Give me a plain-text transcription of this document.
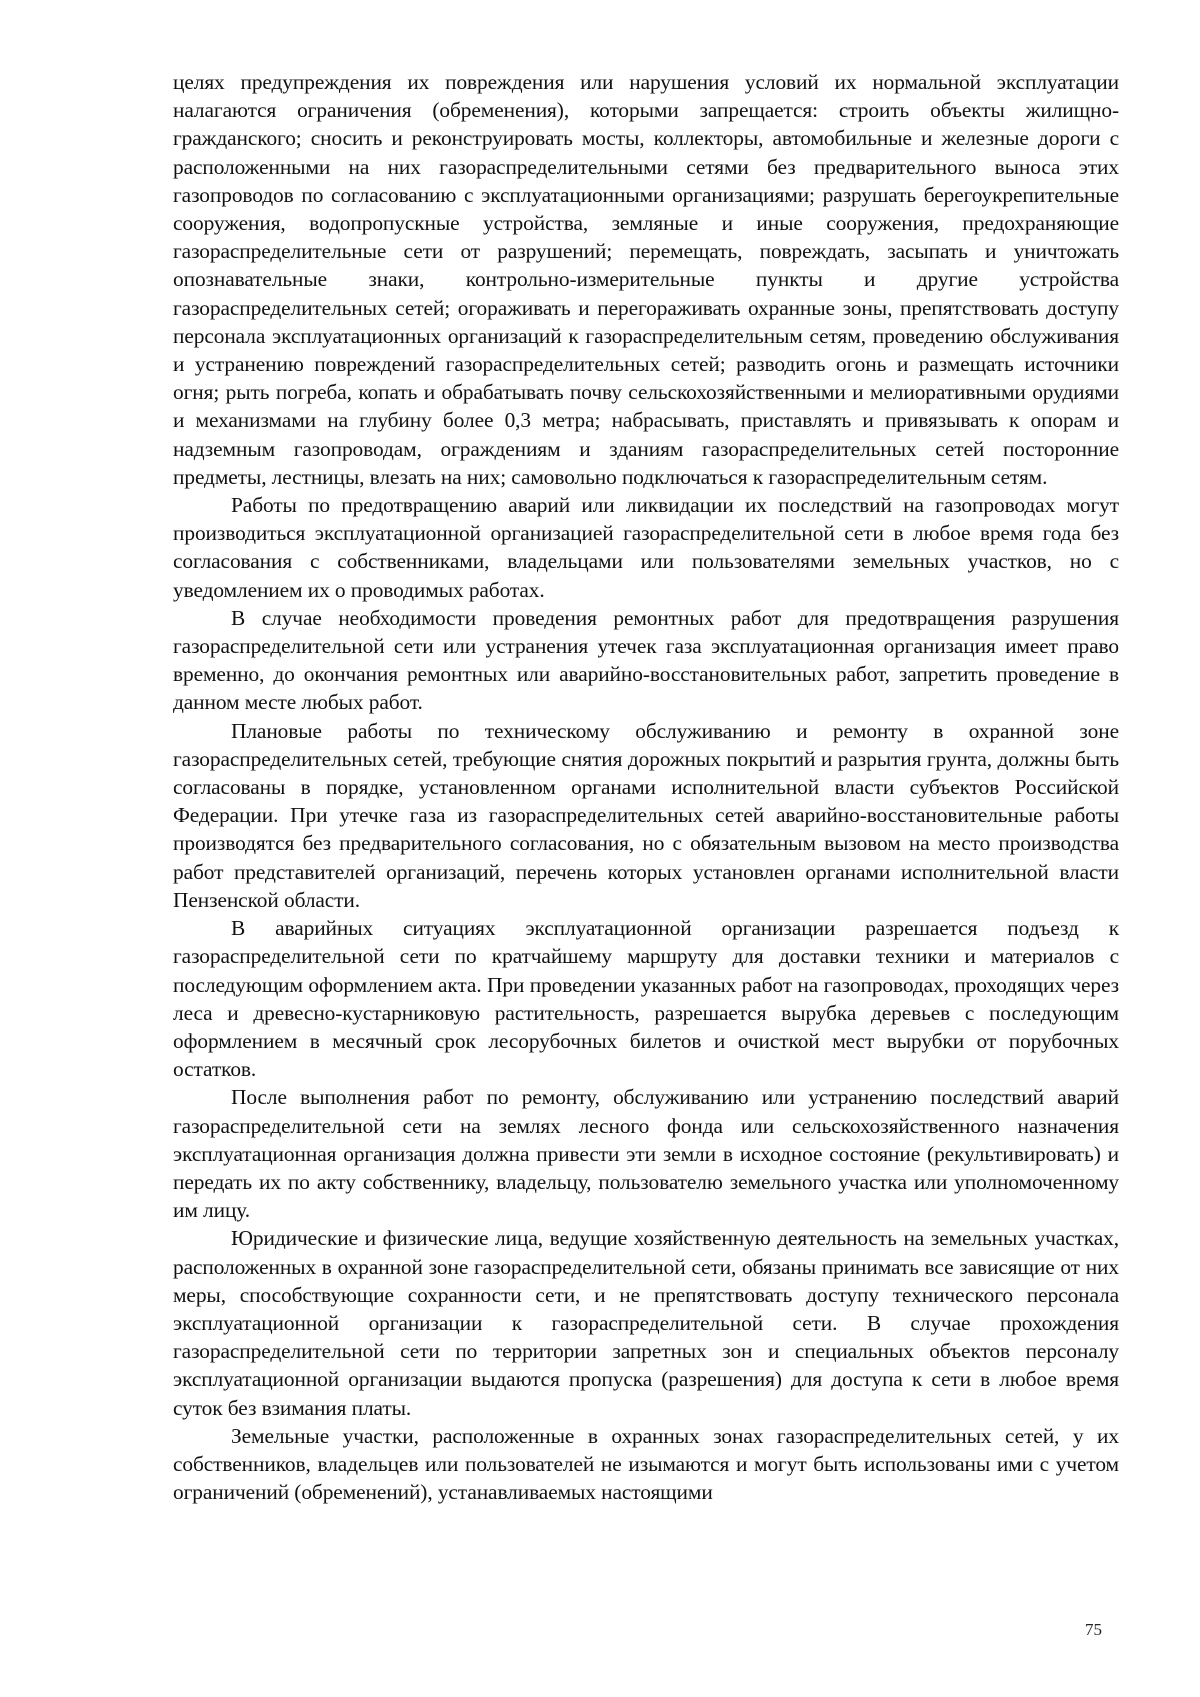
целях предупреждения их повреждения или нарушения условий их нормальной эксплуатации налагаются ограничения (обременения), которыми запрещается: строить объекты жилищно-гражданского; сносить и реконструировать мосты, коллекторы, автомобильные и железные дороги с расположенными на них газораспределительными сетями без предварительного выноса этих газопроводов по согласованию с эксплуатационными организациями; разрушать берегоукрепительные сооружения, водопропускные устройства, земляные и иные сооружения, предохраняющие газораспределительные сети от разрушений; перемещать, повреждать, засыпать и уничтожать опознавательные знаки, контрольно-измерительные пункты и другие устройства газораспределительных сетей; огораживать и перегораживать охранные зоны, препятствовать доступу персонала эксплуатационных организаций к газораспределительным сетям, проведению обслуживания и устранению повреждений газораспределительных сетей; разводить огонь и размещать источники огня; рыть погреба, копать и обрабатывать почву сельскохозяйственными и мелиоративными орудиями и механизмами на глубину более 0,3 метра; набрасывать, приставлять и привязывать к опорам и надземным газопроводам, ограждениям и зданиям газораспределительных сетей посторонние предметы, лестницы, влезать на них; самовольно подключаться к газораспределительным сетям.

Работы по предотвращению аварий или ликвидации их последствий на газопроводах могут производиться эксплуатационной организацией газораспределительной сети в любое время года без согласования с собственниками, владельцами или пользователями земельных участков, но с уведомлением их о проводимых работах.

В случае необходимости проведения ремонтных работ для предотвращения разрушения газораспределительной сети или устранения утечек газа эксплуатационная организация имеет право временно, до окончания ремонтных или аварийно-восстановительных работ, запретить проведение в данном месте любых работ.

Плановые работы по техническому обслуживанию и ремонту в охранной зоне газораспределительных сетей, требующие снятия дорожных покрытий и разрытия грунта, должны быть согласованы в порядке, установленном органами исполнительной власти субъектов Российской Федерации. При утечке газа из газораспределительных сетей аварийно-восстановительные работы производятся без предварительного согласования, но с обязательным вызовом на место производства работ представителей организаций, перечень которых установлен органами исполнительной власти Пензенской области.

В аварийных ситуациях эксплуатационной организации разрешается подъезд к газораспределительной сети по кратчайшему маршруту для доставки техники и материалов с последующим оформлением акта. При проведении указанных работ на газопроводах, проходящих через леса и древесно-кустарниковую растительность, разрешается вырубка деревьев с последующим оформлением в месячный срок лесорубочных билетов и очисткой мест вырубки от порубочных остатков.

После выполнения работ по ремонту, обслуживанию или устранению последствий аварий газораспределительной сети на землях лесного фонда или сельскохозяйственного назначения эксплуатационная организация должна привести эти земли в исходное состояние (рекультивировать) и передать их по акту собственнику, владельцу, пользователю земельного участка или уполномоченному им лицу.

Юридические и физические лица, ведущие хозяйственную деятельность на земельных участках, расположенных в охранной зоне газораспределительной сети, обязаны принимать все зависящие от них меры, способствующие сохранности сети, и не препятствовать доступу технического персонала эксплуатационной организации к газораспределительной сети. В случае прохождения газораспределительной сети по территории запретных зон и специальных объектов персоналу эксплуатационной организации выдаются пропуска (разрешения) для доступа к сети в любое время суток без взимания платы.

Земельные участки, расположенные в охранных зонах газораспределительных сетей, у их собственников, владельцев или пользователей не изымаются и могут быть использованы ими с учетом ограничений (обременений), устанавливаемых настоящими

75
